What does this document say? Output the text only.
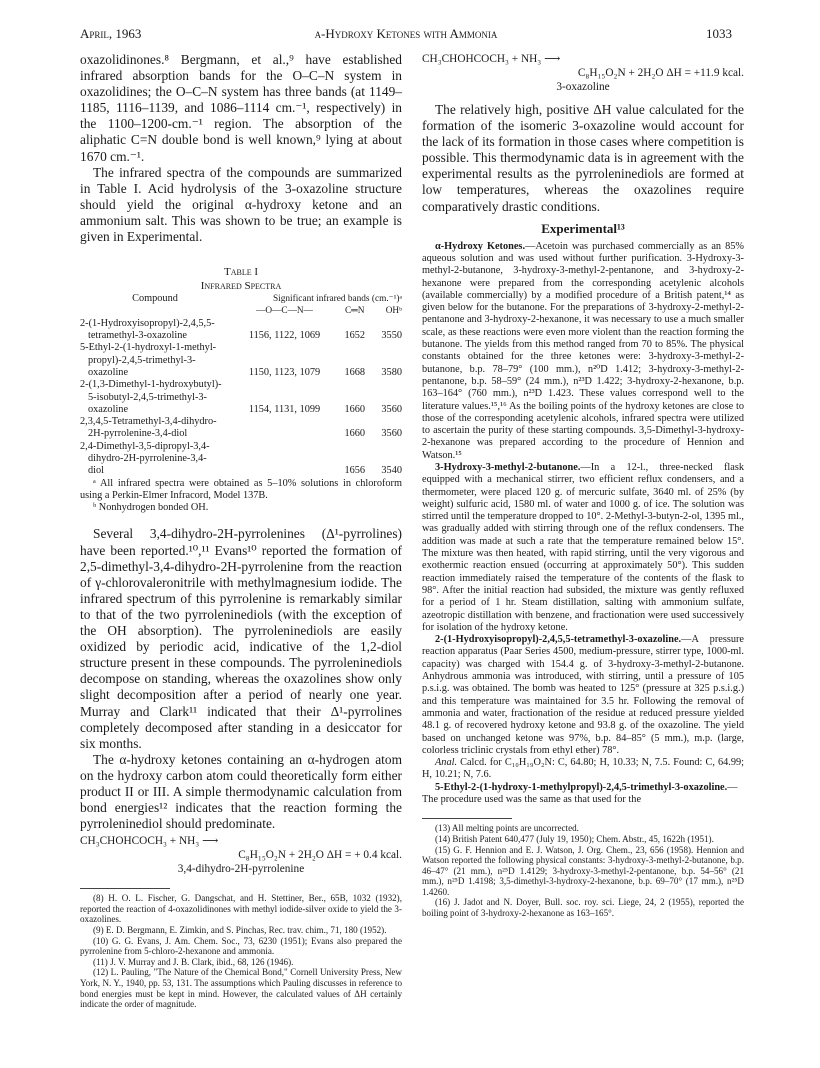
April, 1963	α-Hydroxy Ketones with Ammonia	1033

oxazolidinones.⁸ Bergmann, et al.,⁹ have established infrared absorption bands for the O–C–N system in oxazolidines; the O–C–N system has three bands (at 1149–1185, 1116–1139, and 1086–1114 cm.⁻¹, respectively) in the 1100–1200-cm.⁻¹ region. The absorption of the aliphatic C=N double bond is well known,⁹ lying at about 1670 cm.⁻¹.

The infrared spectra of the compounds are summarized in Table I. Acid hydrolysis of the 3-oxazoline structure should yield the original α-hydroxy ketone and an ammonium salt. This was shown to be true; an example is given in Experimental.

Table I
Infrared Spectra
Compound	Significant infrared bands (cm.⁻¹)ᵃ		
	—O—C—N—	C═N	OHᵇ

2-(1-Hydroxyisopropyl)-2,4,5,5-
tetramethyl-3-oxazoline	1156, 1122, 1069	1652	3550

5-Ethyl-2-(1-hydroxyl-1-methyl-
propyl)-2,4,5-trimethyl-3-
oxazoline	1150, 1123, 1079	1668	3580

2-(1,3-Dimethyl-1-hydroxybutyl)-
5-isobutyl-2,4,5-trimethyl-3-
oxazoline	1154, 1131, 1099	1660	3560

2,3,4,5-Tetramethyl-3,4-dihydro-
2H-pyrrolenine-3,4-diol		1660	3560

2,4-Dimethyl-3,5-dipropyl-3,4-
dihydro-2H-pyrrolenine-3,4-
diol		1656	3540

ᵃ All infrared spectra were obtained as 5–10% solutions in chloroform using a Perkin-Elmer Infracord, Model 137B.

ᵇ Nonhydrogen bonded OH.

Several 3,4-dihydro-2H-pyrrolenines (Δ¹-pyrrolines) have been reported.¹⁰,¹¹ Evans¹⁰ reported the formation of 2,5-dimethyl-3,4-dihydro-2H-pyrrolenine from the reaction of γ-chlorovaleronitrile with methylmagnesium iodide. The infrared spectrum of this pyrrolenine is remarkably similar to that of the two pyrroleninediols (with the exception of the OH absorption). The pyrroleninediols are easily oxidized by periodic acid, indicative of the 1,2-diol structure present in these compounds. The pyrroleninediols decompose on standing, whereas the oxazolines show only slight decomposition after a period of nearly one year. Murray and Clark¹¹ indicated that their Δ¹-pyrrolines completely decomposed after standing in a desiccator for six months.

The α-hydroxy ketones containing an α-hydrogen atom on the hydroxy carbon atom could theoretically form either product II or III. A simple thermodynamic calculation from bond energies¹² indicates that the reaction forming the pyrroleninediol should predominate.

CH₃CHOHCOCH₃ + NH₃ ⟶
C₈H₁₅O₂N + 2H₂O ΔH = + 0.4 kcal.
3,4-dihydro-2H-pyrrolenine

(8) H. O. L. Fischer, G. Dangschat, and H. Stettiner, Ber., 65B, 1032 (1932), reported the reaction of 4-oxazolidinones with methyl iodide-silver oxide to yield the 3-oxazolines.

(9) E. D. Bergmann, E. Zimkin, and S. Pinchas, Rec. trav. chim., 71, 180 (1952).

(10) G. G. Evans, J. Am. Chem. Soc., 73, 6230 (1951); Evans also prepared the pyrrolenine from 5-chloro-2-hexanone and ammonia.

(11) J. V. Murray and J. B. Clark, ibid., 68, 126 (1946).

(12) L. Pauling, "The Nature of the Chemical Bond," Cornell University Press, New York, N. Y., 1940, pp. 53, 131. The assumptions which Pauling discusses in reference to bond energies must be kept in mind. However, the calculated values of ΔH certainly indicate the order of magnitude.

CH₃CHOHCOCH₃ + NH₃ ⟶
C₈H₁₅O₂N + 2H₂O ΔH = +11.9 kcal.
3-oxazoline

The relatively high, positive ΔH value calculated for the formation of the isomeric 3-oxazoline would account for the lack of its formation in those cases where competition is possible. This thermodynamic data is in agreement with the experimental results as the pyrroleninediols are formed at low temperatures, whereas the oxazolines require comparatively drastic conditions.

Experimental¹³

α-Hydroxy Ketones.—Acetoin was purchased commercially as an 85% aqueous solution and was used without further purification. 3-Hydroxy-3-methyl-2-butanone, 3-hydroxy-3-methyl-2-pentanone, and 3-hydroxy-2-hexanone were prepared from the corresponding acetylenic alcohols (available commercially) by a modified procedure of a British patent,¹⁴ as given below for the butanone. For the preparations of 3-hydroxy-2-methyl-2-pentanone and 3-hydroxy-2-hexanone, it was necessary to use a much smaller scale, as these reactions were even more violent than the reaction forming the butanone. The yields from this method ranged from 70 to 85%. The physical constants obtained for the three ketones were: 3-hydroxy-3-methyl-2-butanone, b.p. 78–79° (100 mm.), n²⁰D 1.412; 3-hydroxy-3-methyl-2-pentanone, b.p. 58–59° (24 mm.), n²³D 1.422; 3-hydroxy-2-hexanone, b.p. 163–164° (760 mm.), n²³D 1.423. These values correspond well to the literature values.¹⁵,¹⁶ As the boiling points of the hydroxy ketones are close to those of the corresponding acetylenic alcohols, infrared spectra were utilized to ascertain the purity of these starting compounds. 3,5-Dimethyl-3-hydroxy-2-hexanone was prepared according to the procedure of Hennion and Watson.¹⁵

3-Hydroxy-3-methyl-2-butanone.—In a 12-l., three-necked flask equipped with a mechanical stirrer, two efficient reflux condensers, and a thermometer, were placed 120 g. of mercuric sulfate, 3640 ml. of 25% (by weight) sulfuric acid, 1580 ml. of water and 1000 g. of ice. The solution was stirred until the temperature dropped to 10°. 2-Methyl-3-butyn-2-ol, 1395 ml., was gradually added with stirring through one of the reflux condensers. The addition was made at such a rate that the temperature remained below 15°. The mixture was then heated, with rapid stirring, until the very vigorous and exothermic reaction ensued (occurring at approximately 50°). This sudden reaction immediately raised the temperature of the contents of the flask to 98°. After the initial reaction had subsided, the mixture was gently refluxed for a period of 1 hr. Steam distillation, salting with ammonium sulfate, azeotropic distillation with benzene, and fractionation were used successively for isolation of the hydroxy ketone.

2-(1-Hydroxyisopropyl)-2,4,5,5-tetramethyl-3-oxazoline.—A pressure reaction apparatus (Paar Series 4500, medium-pressure, stirrer type, 1000-ml. capacity) was charged with 154.4 g. of 3-hydroxy-3-methyl-2-butanone. Anhydrous ammonia was introduced, with stirring, until a pressure of 105 p.s.i.g. was obtained. The bomb was heated to 125° (pressure at 325 p.s.i.g.) and this temperature was maintained for 3.5 hr. Following the removal of ammonia and water, fractionation of the residue at reduced pressure yielded 48.1 g. of recovered hydroxy ketone and 93.8 g. of the oxazoline. The yield based on unchanged ketone was 97%, b.p. 84–85° (5 mm.), m.p. (large, colorless triclinic crystals from ethyl ether) 78°.

Anal. Calcd. for C₁₀H₁₉O₂N: C, 64.80; H, 10.33; N, 7.5. Found: C, 64.99; H, 10.21; N, 7.6.

5-Ethyl-2-(1-hydroxy-1-methylpropyl)-2,4,5-trimethyl-3-oxazoline.—The procedure used was the same as that used for the

(13) All melting points are uncorrected.

(14) British Patent 640,477 (July 19, 1950); Chem. Abstr., 45, 1622h (1951).

(15) G. F. Hennion and E. J. Watson, J. Org. Chem., 23, 656 (1958). Hennion and Watson reported the following physical constants: 3-hydroxy-3-methyl-2-butanone, b.p. 46–47° (21 mm.), n²⁵D 1.4129; 3-hydroxy-3-methyl-2-pentanone, b.p. 54–56° (21 mm.), n²⁵D 1.4198; 3,5-dimethyl-3-hydroxy-2-hexanone, b.p. 69–70° (17 mm.), n²⁵D 1.4260.

(16) J. Jadot and N. Doyer, Bull. soc. roy. sci. Liege, 24, 2 (1955), reported the boiling point of 3-hydroxy-2-hexanone as 163–165°.
